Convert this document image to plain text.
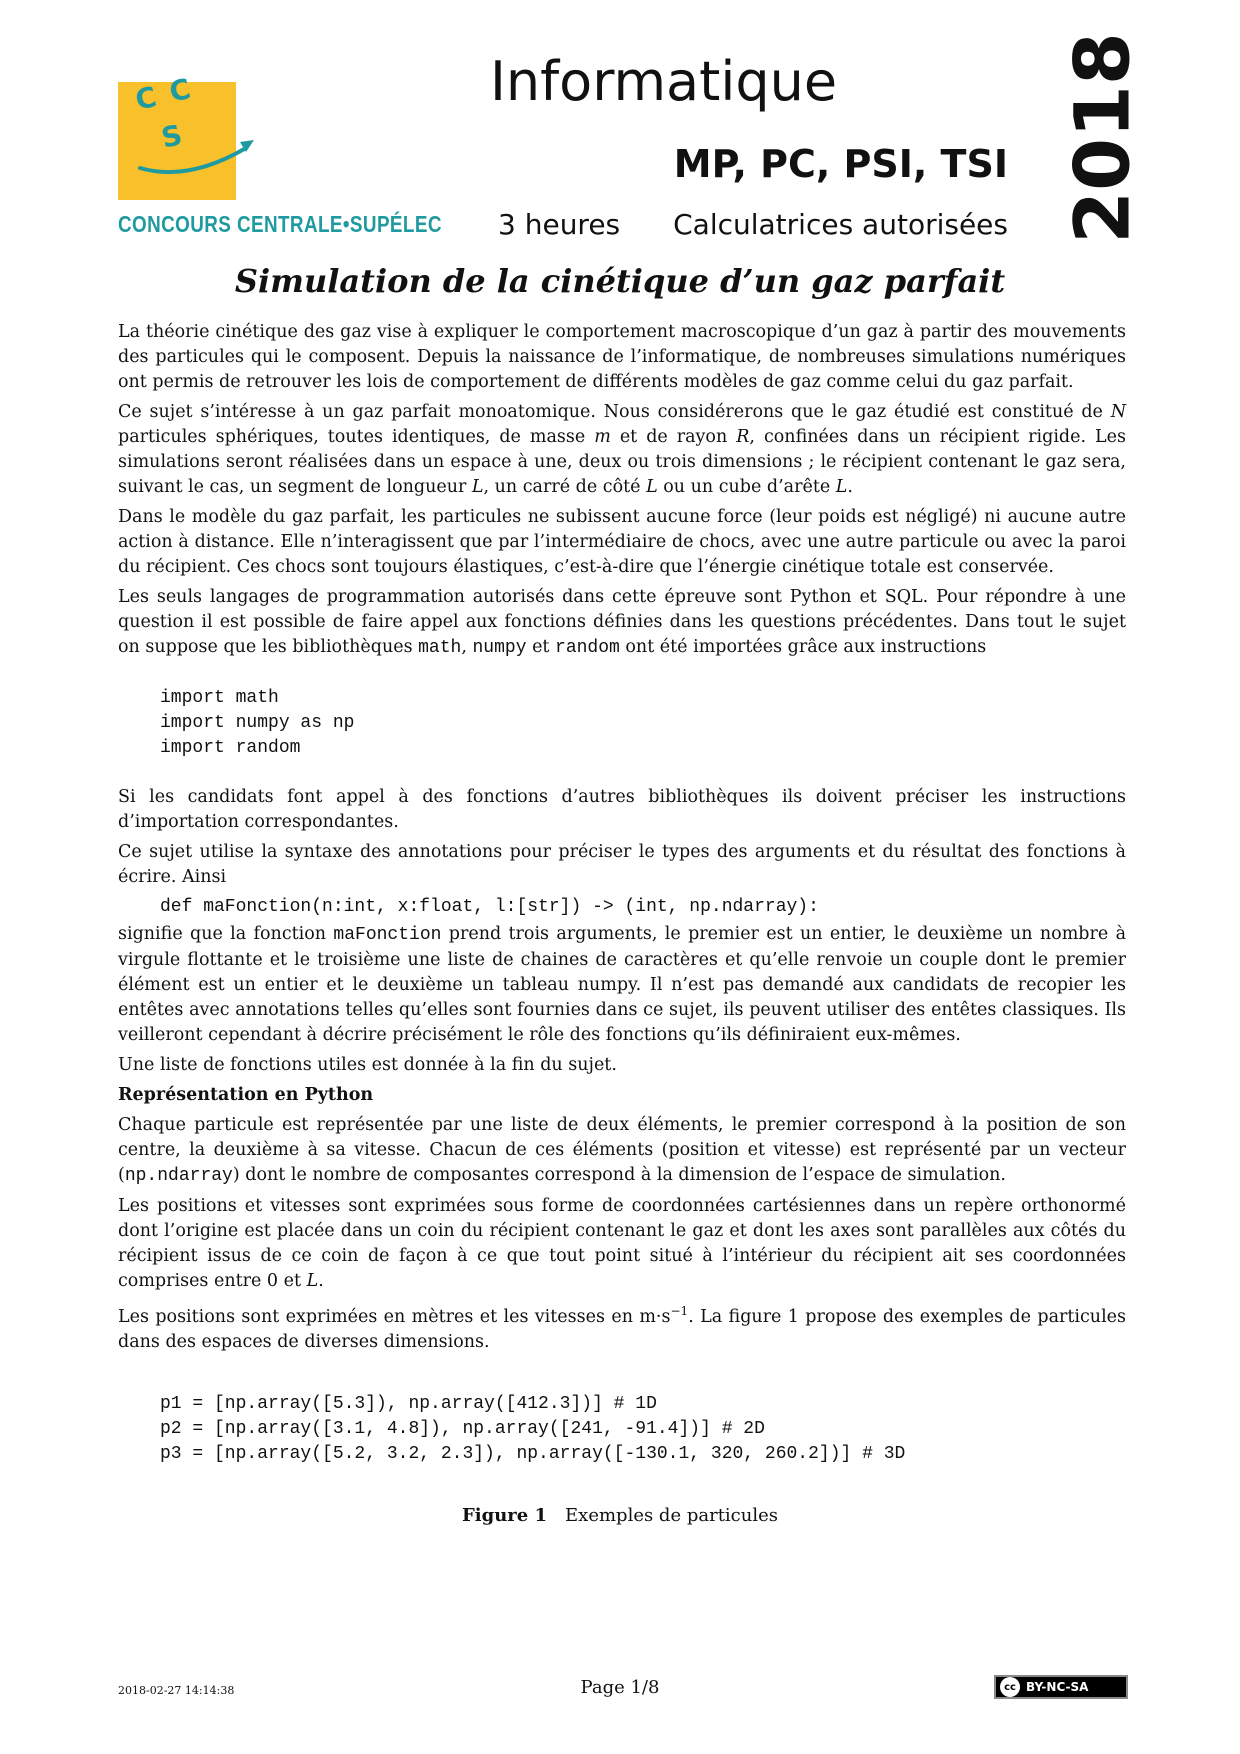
C C
S
CONCOURS CENTRALE•SUPÉLEC
Informatique
MP, PC, PSI, TSI
3 heures Calculatrices autorisées 2018
Simulation de la cinétique d’un gaz parfait

La théorie cinétique des gaz vise à expliquer le comportement macroscopique d’un gaz à partir des mouvements des particules qui le composent. Depuis la naissance de l’informatique, de nombreuses simulations numériques ont permis de retrouver les lois de comportement de différents modèles de gaz comme celui du gaz parfait.

Ce sujet s’intéresse à un gaz parfait monoatomique. Nous considérerons que le gaz étudié est constitué de N particules sphériques, toutes identiques, de masse m et de rayon R, confinées dans un récipient rigide. Les simulations seront réalisées dans un espace à une, deux ou trois dimensions ; le récipient contenant le gaz sera, suivant le cas, un segment de longueur L, un carré de côté L ou un cube d’arête L.

Dans le modèle du gaz parfait, les particules ne subissent aucune force (leur poids est négligé) ni aucune autre action à distance. Elle n’interagissent que par l’intermédiaire de chocs, avec une autre particule ou avec la paroi du récipient. Ces chocs sont toujours élastiques, c’est-à-dire que l’énergie cinétique totale est conservée.

Les seuls langages de programmation autorisés dans cette épreuve sont Python et SQL. Pour répondre à une question il est possible de faire appel aux fonctions définies dans les questions précédentes. Dans tout le sujet on suppose que les bibliothèques math, numpy et random ont été importées grâce aux instructions

import math
import numpy as np
import random

Si les candidats font appel à des fonctions d’autres bibliothèques ils doivent préciser les instructions d’importation correspondantes.

Ce sujet utilise la syntaxe des annotations pour préciser le types des arguments et du résultat des fonctions à écrire. Ainsi

def maFonction(n:int, x:float, l:[str]) -> (int, np.ndarray):

signifie que la fonction maFonction prend trois arguments, le premier est un entier, le deuxième un nombre à virgule flottante et le troisième une liste de chaines de caractères et qu’elle renvoie un couple dont le premier élément est un entier et le deuxième un tableau numpy. Il n’est pas demandé aux candidats de recopier les entêtes avec annotations telles qu’elles sont fournies dans ce sujet, ils peuvent utiliser des entêtes classiques. Ils veilleront cependant à décrire précisément le rôle des fonctions qu’ils définiraient eux-mêmes.

Une liste de fonctions utiles est donnée à la fin du sujet.

Représentation en Python

Chaque particule est représentée par une liste de deux éléments, le premier correspond à la position de son centre, la deuxième à sa vitesse. Chacun de ces éléments (position et vitesse) est représenté par un vecteur (np.ndarray) dont le nombre de composantes correspond à la dimension de l’espace de simulation.

Les positions et vitesses sont exprimées sous forme de coordonnées cartésiennes dans un repère orthonormé dont l’origine est placée dans un coin du récipient contenant le gaz et dont les axes sont parallèles aux côtés du récipient issus de ce coin de façon à ce que tout point situé à l’intérieur du récipient ait ses coordonnées comprises entre 0 et L.

Les positions sont exprimées en mètres et les vitesses en $m\cdot s^{-1}$. La figure 1 propose des exemples de particules dans des espaces de diverses dimensions.

p1 = [np.array([5.3]), np.array([412.3])] # 1D
p2 = [np.array([3.1, 4.8]), np.array([241, -91.4])] # 2D
p3 = [np.array([5.2, 3.2, 2.3]), np.array([-130.1, 320, 260.2])] # 3D
Figure 1 Exemples de particules
2018-02-27 14:14:38	Page 1/8	cc BY-NC-SA
